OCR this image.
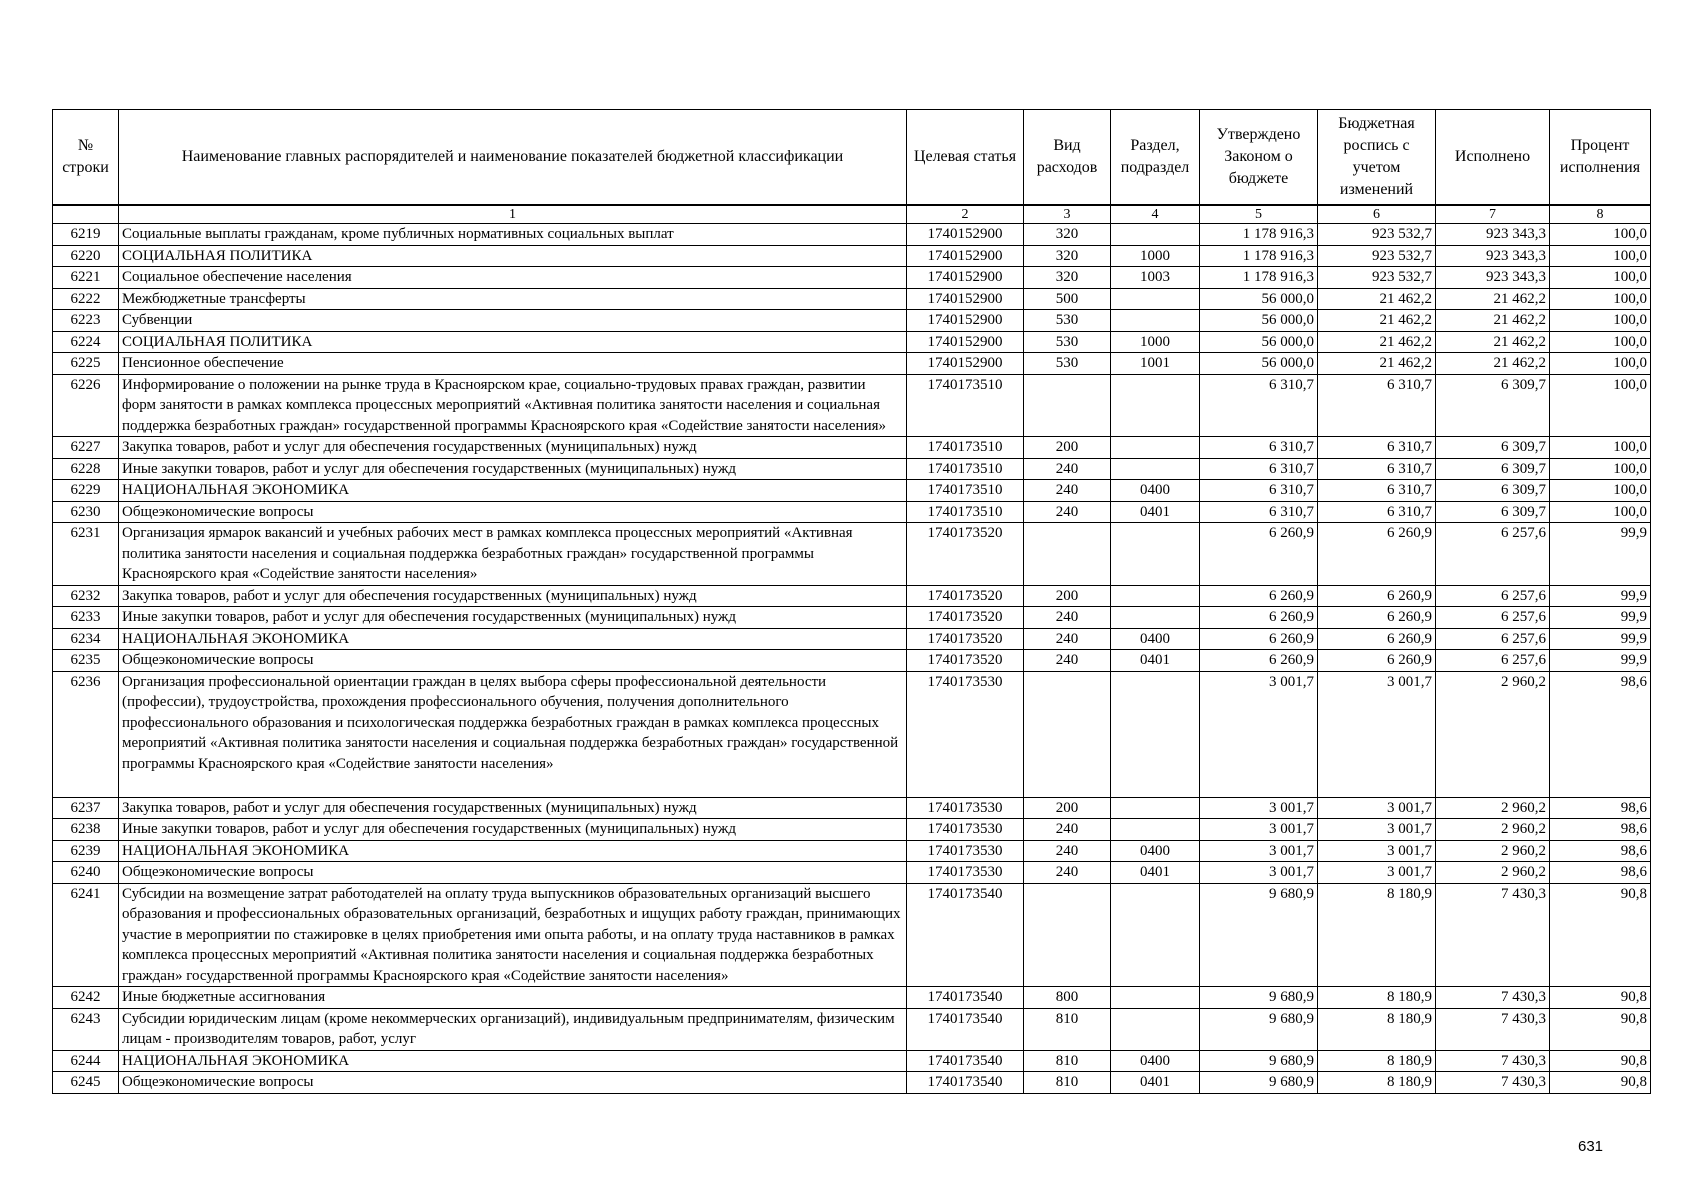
№ строки	Наименование главных распорядителей и наименование показателей бюджетной классификации	Целевая статья	Вид расходов	Раздел, подраздел	Утверждено Законом о бюджете	Бюджетная роспись с учетом изменений	Исполнено	Процент исполнения
	1	2	3	4	5	6	7	8
6219	Социальные выплаты гражданам, кроме публичных нормативных социальных выплат	1740152900	320		1 178 916,3	923 532,7	923 343,3	100,0
6220	СОЦИАЛЬНАЯ ПОЛИТИКА	1740152900	320	1000	1 178 916,3	923 532,7	923 343,3	100,0
6221	Социальное обеспечение населения	1740152900	320	1003	1 178 916,3	923 532,7	923 343,3	100,0
6222	Межбюджетные трансферты	1740152900	500		56 000,0	21 462,2	21 462,2	100,0
6223	Субвенции	1740152900	530		56 000,0	21 462,2	21 462,2	100,0
6224	СОЦИАЛЬНАЯ ПОЛИТИКА	1740152900	530	1000	56 000,0	21 462,2	21 462,2	100,0
6225	Пенсионное обеспечение	1740152900	530	1001	56 000,0	21 462,2	21 462,2	100,0
6226	Информирование о положении на рынке труда в Красноярском крае, социально-трудовых правах граждан, развитии форм занятости в рамках комплекса процессных мероприятий «Активная политика занятости населения и социальная поддержка безработных граждан» государственной программы Красноярского края «Содействие занятости населения»	1740173510			6 310,7	6 310,7	6 309,7	100,0
6227	Закупка товаров, работ и услуг для обеспечения государственных (муниципальных) нужд	1740173510	200		6 310,7	6 310,7	6 309,7	100,0
6228	Иные закупки товаров, работ и услуг для обеспечения государственных (муниципальных) нужд	1740173510	240		6 310,7	6 310,7	6 309,7	100,0
6229	НАЦИОНАЛЬНАЯ ЭКОНОМИКА	1740173510	240	0400	6 310,7	6 310,7	6 309,7	100,0
6230	Общеэкономические вопросы	1740173510	240	0401	6 310,7	6 310,7	6 309,7	100,0
6231	Организация ярмарок вакансий и учебных рабочих мест в рамках комплекса процессных мероприятий «Активная политика занятости населения и социальная поддержка безработных граждан» государственной программы Красноярского края «Содействие занятости населения»	1740173520			6 260,9	6 260,9	6 257,6	99,9
6232	Закупка товаров, работ и услуг для обеспечения государственных (муниципальных) нужд	1740173520	200		6 260,9	6 260,9	6 257,6	99,9
6233	Иные закупки товаров, работ и услуг для обеспечения государственных (муниципальных) нужд	1740173520	240		6 260,9	6 260,9	6 257,6	99,9
6234	НАЦИОНАЛЬНАЯ ЭКОНОМИКА	1740173520	240	0400	6 260,9	6 260,9	6 257,6	99,9
6235	Общеэкономические вопросы	1740173520	240	0401	6 260,9	6 260,9	6 257,6	99,9
6236	Организация профессиональной ориентации граждан в целях выбора сферы профессиональной деятельности (профессии), трудоустройства, прохождения профессионального обучения, получения дополнительного профессионального образования и психологическая поддержка безработных граждан в рамках комплекса процессных мероприятий «Активная политика занятости населения и социальная поддержка безработных граждан» государственной программы Красноярского края «Содействие занятости населения»	1740173530			3 001,7	3 001,7	2 960,2	98,6
6237	Закупка товаров, работ и услуг для обеспечения государственных (муниципальных) нужд	1740173530	200		3 001,7	3 001,7	2 960,2	98,6
6238	Иные закупки товаров, работ и услуг для обеспечения государственных (муниципальных) нужд	1740173530	240		3 001,7	3 001,7	2 960,2	98,6
6239	НАЦИОНАЛЬНАЯ ЭКОНОМИКА	1740173530	240	0400	3 001,7	3 001,7	2 960,2	98,6
6240	Общеэкономические вопросы	1740173530	240	0401	3 001,7	3 001,7	2 960,2	98,6
6241	Субсидии на возмещение затрат работодателей на оплату труда выпускников образовательных организаций высшего образования и профессиональных образовательных организаций, безработных и ищущих работу граждан, принимающих участие в мероприятии по стажировке в целях приобретения ими опыта работы, и на оплату труда наставников в рамках комплекса процессных мероприятий «Активная политика занятости населения и социальная поддержка безработных граждан» государственной программы Красноярского края «Содействие занятости населения»	1740173540			9 680,9	8 180,9	7 430,3	90,8
6242	Иные бюджетные ассигнования	1740173540	800		9 680,9	8 180,9	7 430,3	90,8
6243	Субсидии юридическим лицам (кроме некоммерческих организаций), индивидуальным предпринимателям, физическим лицам - производителям товаров, работ, услуг	1740173540	810		9 680,9	8 180,9	7 430,3	90,8
6244	НАЦИОНАЛЬНАЯ ЭКОНОМИКА	1740173540	810	0400	9 680,9	8 180,9	7 430,3	90,8
6245	Общеэкономические вопросы	1740173540	810	0401	9 680,9	8 180,9	7 430,3	90,8
631
